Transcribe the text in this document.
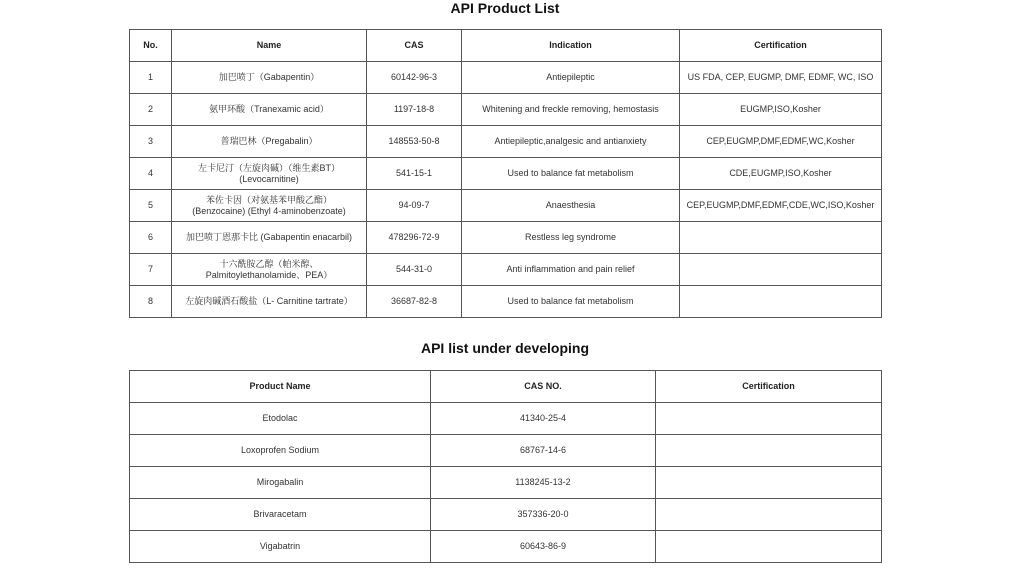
API Product List
No.	Name	CAS	Indication	Certification
1	加巴喷丁（Gabapentin）	60142-96-3	Antiepileptic	US FDA, CEP, EUGMP, DMF, EDMF, WC, ISO
2	氨甲环酸（Tranexamic acid）	1197-18-8	Whitening and freckle removing, hemostasis	EUGMP,ISO,Kosher
3	普瑞巴林（Pregabalin）	148553-50-8	Antiepileptic,analgesic and antianxiety	CEP,EUGMP,DMF,EDMF,WC,Kosher
4	左卡尼汀（左旋肉碱）（维生素BT）
(Levocarnitine)	541-15-1	Used to balance fat metabolism	CDE,EUGMP,ISO,Kosher
5	苯佐卡因（对氨基苯甲酸乙酯）
(Benzocaine) (Ethyl 4-aminobenzoate)	94-09-7	Anaesthesia	CEP,EUGMP,DMF,EDMF,CDE,WC,ISO,Kosher
6	加巴喷丁恩那卡比 (Gabapentin enacarbil)	478296-72-9	Restless leg syndrome	
7	十六酰胺乙醇（帕米醇、
Palmitoylethanolamide、PEA）	544-31-0	Anti inflammation and pain relief	
8	左旋肉碱酒石酸盐（L- Carnitine tartrate）	36687-82-8	Used to balance fat metabolism	
API list under developing
Product Name	CAS NO.	Certification
Etodolac	41340-25-4	
Loxoprofen Sodium	68767-14-6	
Mirogabalin	1138245-13-2	
Brivaracetam	357336-20-0	
Vigabatrin	60643-86-9	
